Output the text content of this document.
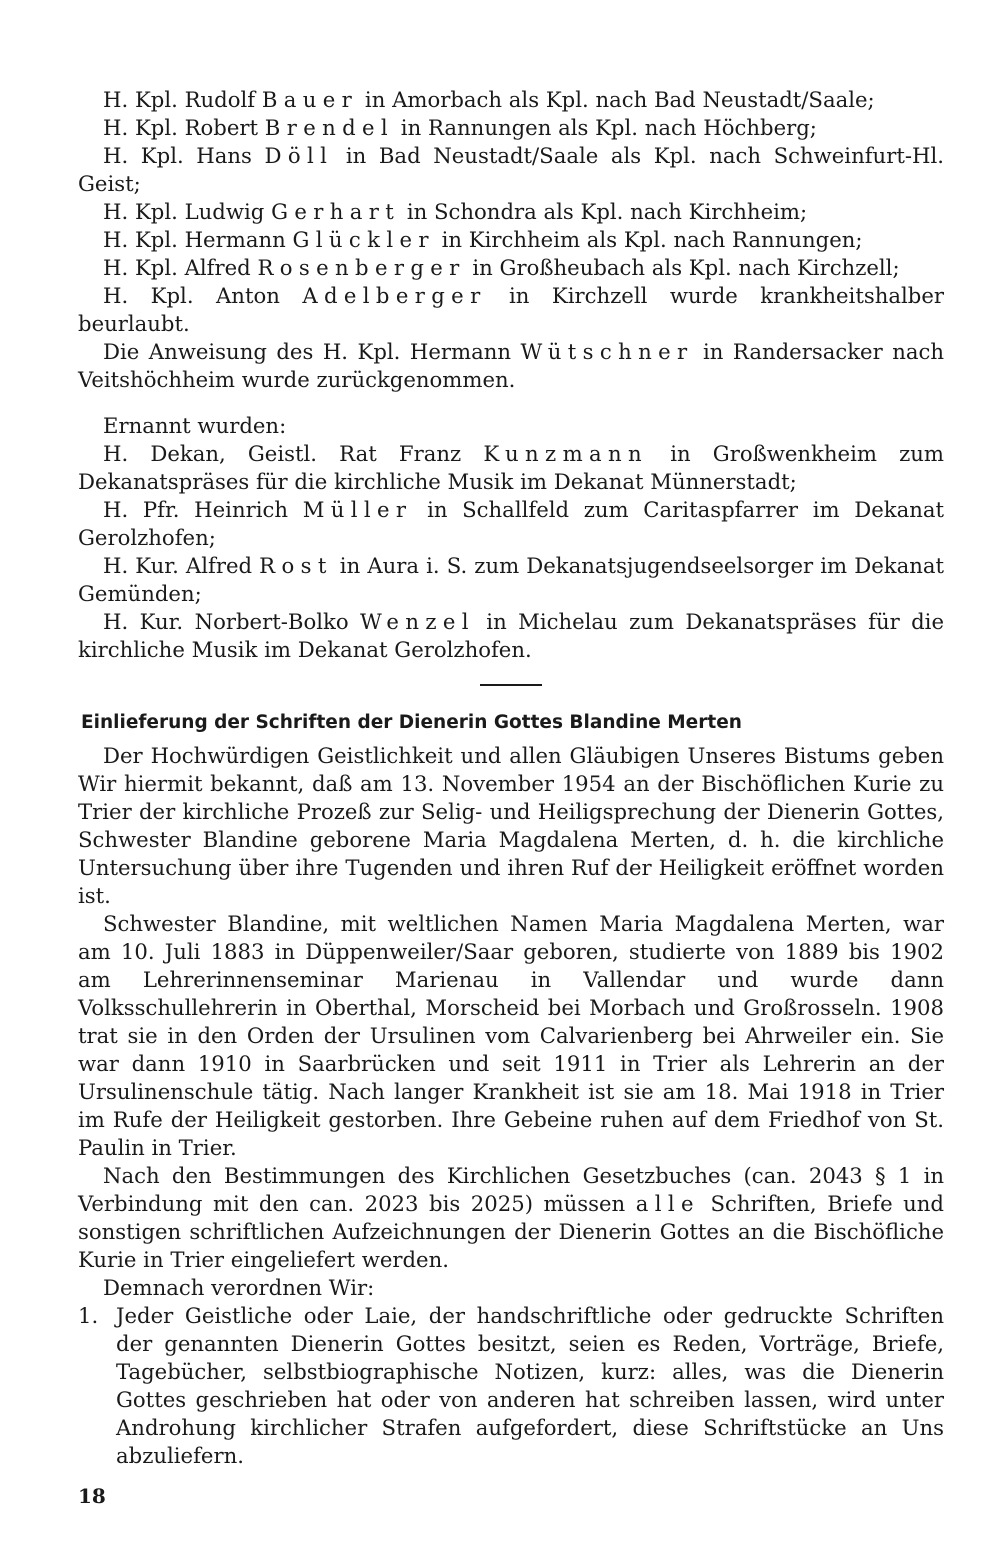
H. Kpl. Rudolf Bauer in Amorbach als Kpl. nach Bad Neustadt/Saale;

H. Kpl. Robert Brendel in Rannungen als Kpl. nach Höchberg;

H. Kpl. Hans Döll in Bad Neustadt/Saale als Kpl. nach Schweinfurt-Hl. Geist;

H. Kpl. Ludwig Gerhart in Schondra als Kpl. nach Kirchheim;

H. Kpl. Hermann Glückler in Kirchheim als Kpl. nach Rannungen;

H. Kpl. Alfred Rosenberger in Großheubach als Kpl. nach Kirchzell;

H. Kpl. Anton Adelberger in Kirchzell wurde krankheitshalber beurlaubt.

Die Anweisung des H. Kpl. Hermann Wütschner in Randersacker nach Veitshöchheim wurde zurückgenommen.

Ernannt wurden:

H. Dekan, Geistl. Rat Franz Kunzmann in Großwenkheim zum Dekanatspräses für die kirchliche Musik im Dekanat Münnerstadt;

H. Pfr. Heinrich Müller in Schallfeld zum Caritaspfarrer im Dekanat Gerolzhofen;

H. Kur. Alfred Rost in Aura i. S. zum Dekanatsjugendseelsorger im Dekanat Gemünden;

H. Kur. Norbert-Bolko Wenzel in Michelau zum Dekanatspräses für die kirchliche Musik im Dekanat Gerolzhofen.

Einlieferung der Schriften der Dienerin Gottes Blandine Merten

Der Hochwürdigen Geistlichkeit und allen Gläubigen Unseres Bistums geben Wir hiermit bekannt, daß am 13. November 1954 an der Bischöflichen Kurie zu Trier der kirchliche Prozeß zur Selig- und Heiligsprechung der Dienerin Gottes, Schwester Blandine geborene Maria Magdalena Merten, d. h. die kirchliche Untersuchung über ihre Tugenden und ihren Ruf der Heiligkeit eröffnet worden ist.

Schwester Blandine, mit weltlichen Namen Maria Magdalena Merten, war am 10. Juli 1883 in Düppenweiler/Saar geboren, studierte von 1889 bis 1902 am Lehrerinnenseminar Marienau in Vallendar und wurde dann Volksschullehrerin in Oberthal, Morscheid bei Morbach und Großrosseln. 1908 trat sie in den Orden der Ursulinen vom Calvarienberg bei Ahrweiler ein. Sie war dann 1910 in Saarbrücken und seit 1911 in Trier als Lehrerin an der Ursulinenschule tätig. Nach langer Krankheit ist sie am 18. Mai 1918 in Trier im Rufe der Heiligkeit gestorben. Ihre Gebeine ruhen auf dem Friedhof von St. Paulin in Trier.

Nach den Bestimmungen des Kirchlichen Gesetzbuches (can. 2043 § 1 in Verbindung mit den can. 2023 bis 2025) müssen alle Schriften, Briefe und sonstigen schriftlichen Aufzeichnungen der Dienerin Gottes an die Bischöfliche Kurie in Trier eingeliefert werden.

Demnach verordnen Wir:

1. Jeder Geistliche oder Laie, der handschriftliche oder gedruckte Schriften der genannten Dienerin Gottes besitzt, seien es Reden, Vorträge, Briefe, Tagebücher, selbstbiographische Notizen, kurz: alles, was die Dienerin Gottes geschrieben hat oder von anderen hat schreiben lassen, wird unter Androhung kirchlicher Strafen aufgefordert, diese Schriftstücke an Uns abzuliefern.
18
